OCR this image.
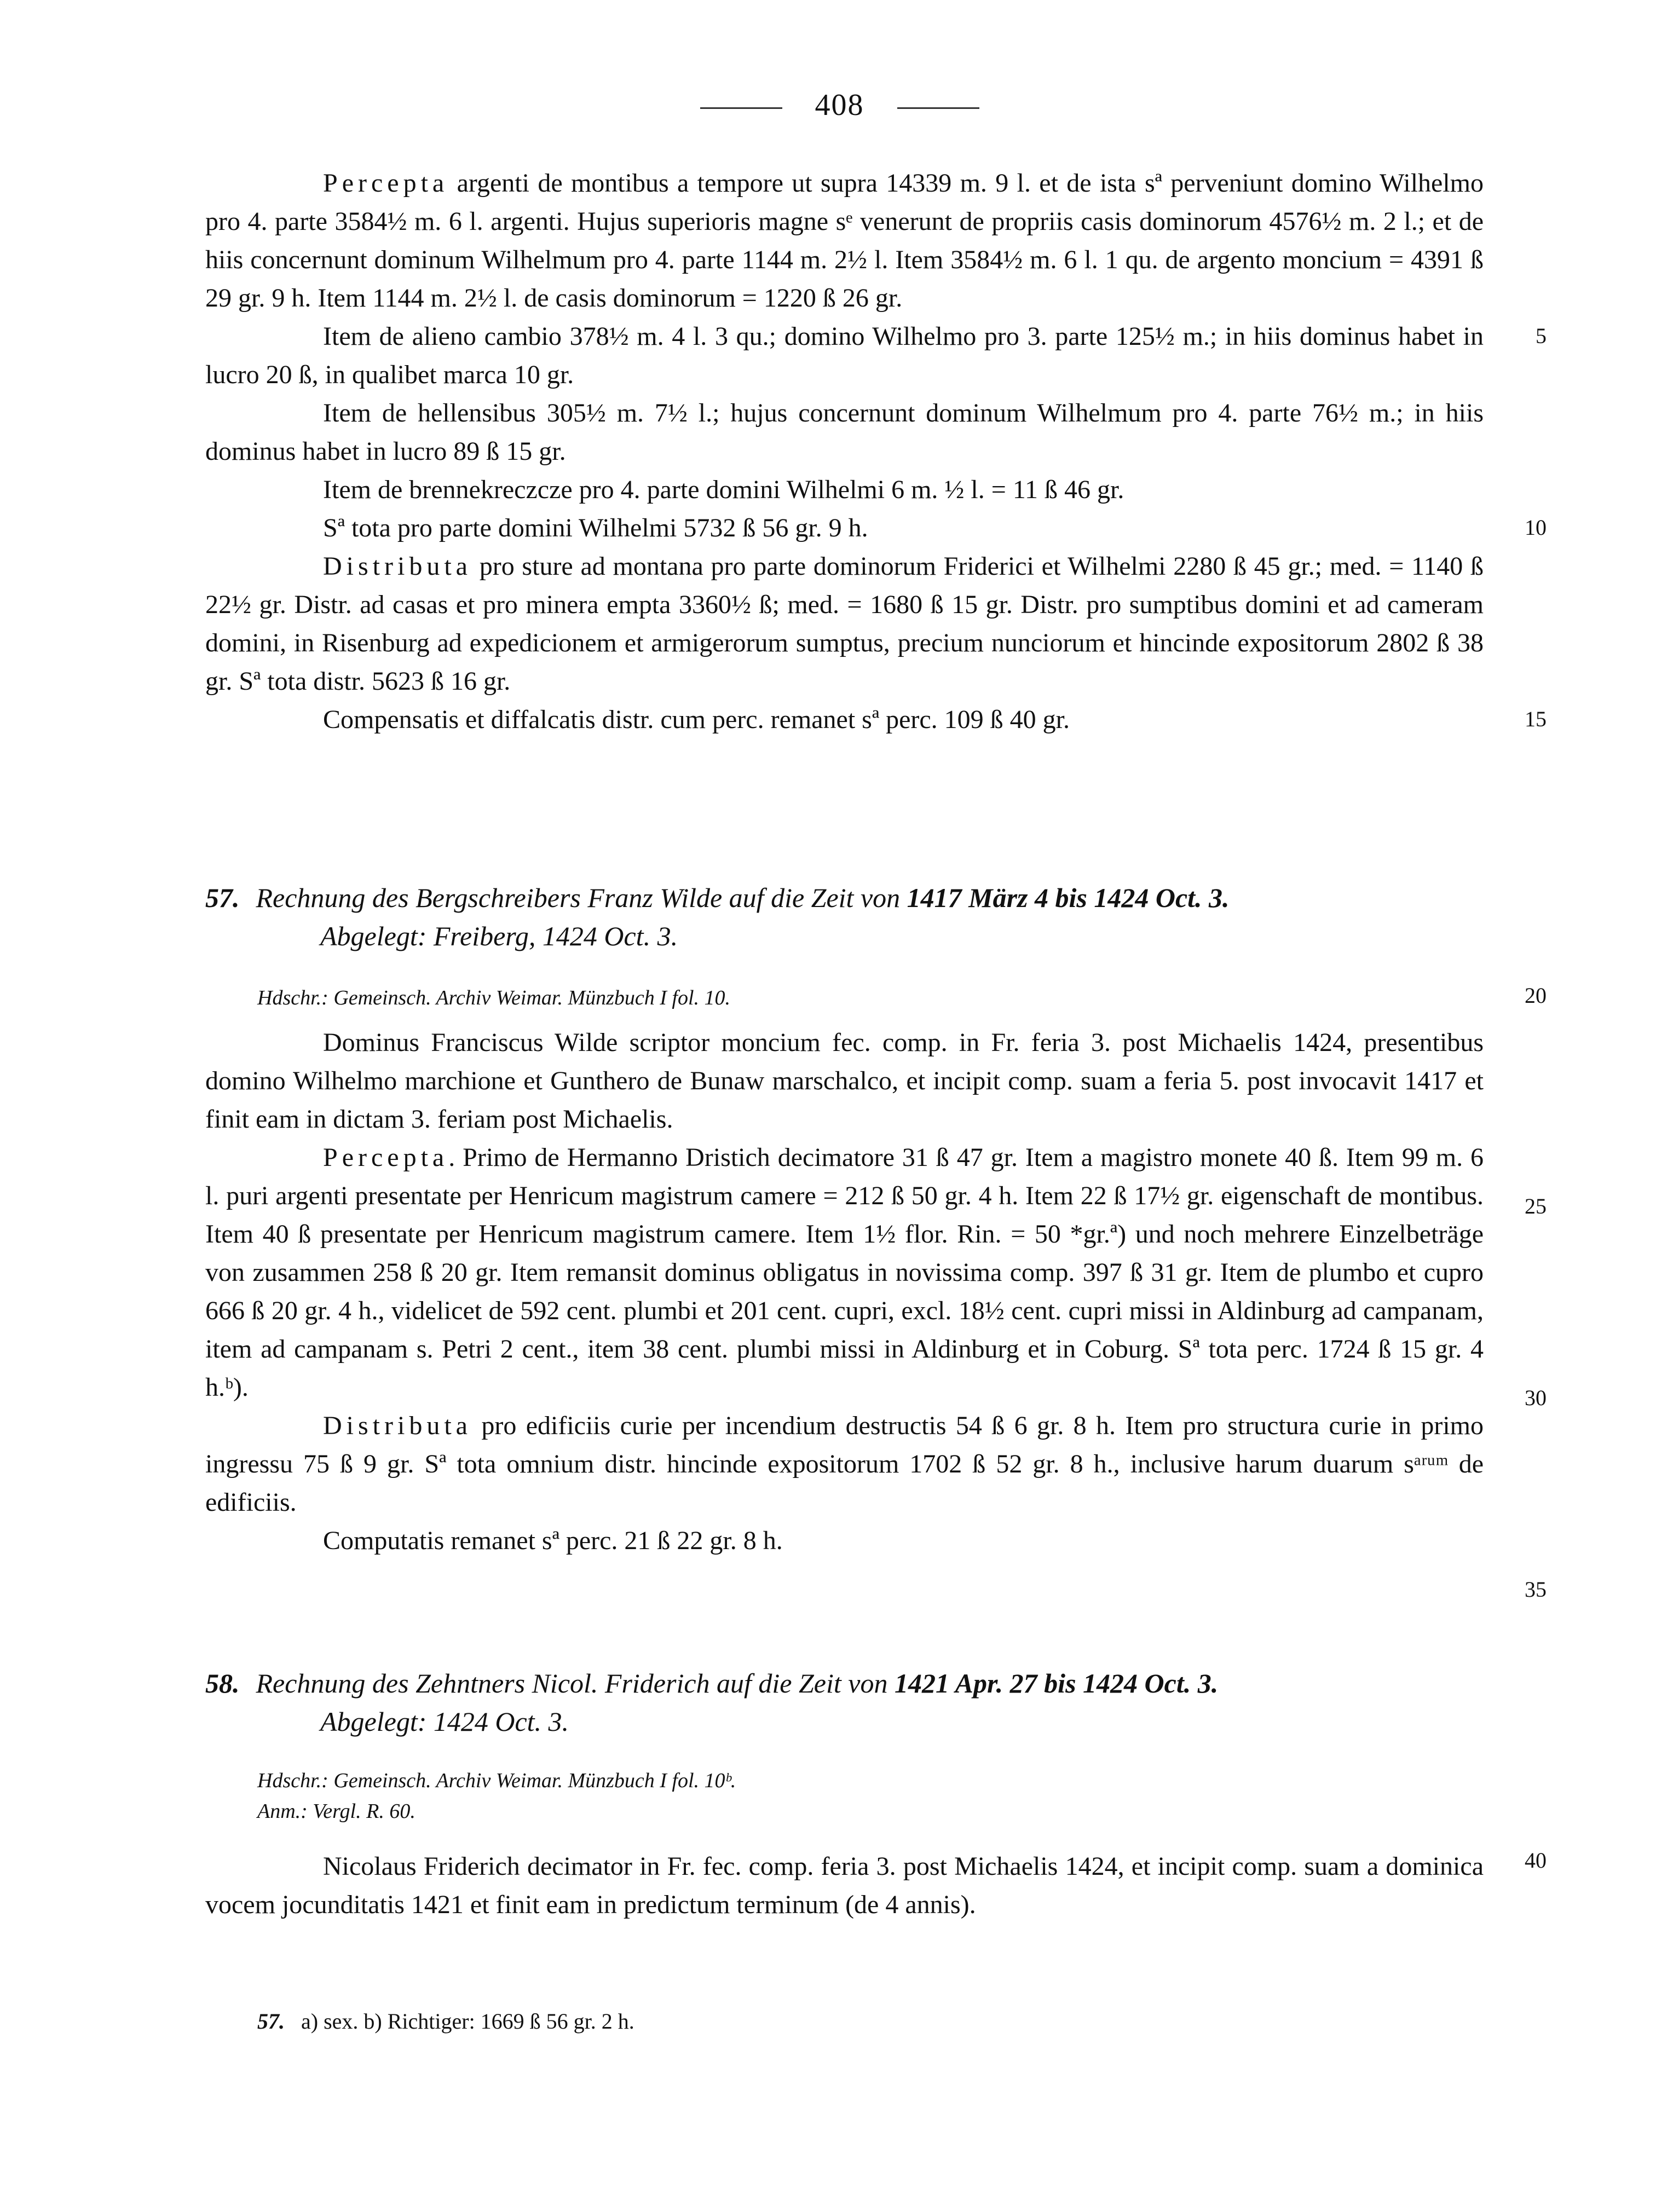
408

Percepta argenti de montibus a tempore ut supra 14339 m. 9 l. et de ista sª perveniunt domino Wilhelmo pro 4. parte 3584½ m. 6 l. argenti. Hujus superioris magne sᵉ venerunt de propriis casis dominorum 4576½ m. 2 l.; et de hiis concernunt dominum Wilhelmum pro 4. parte 1144 m. 2½ l. Item 3584½ m. 6 l. 1 qu. de argento moncium = 4391 ß 29 gr. 9 h. Item 1144 m. 2½ l. de casis dominorum = 1220 ß 26 gr.

Item de alieno cambio 378½ m. 4 l. 3 qu.; domino Wilhelmo pro 3. parte 125½ m.; in hiis dominus habet in lucro 20 ß, in qualibet marca 10 gr.

Item de hellensibus 305½ m. 7½ l.; hujus concernunt dominum Wilhelmum pro 4. parte 76½ m.; in hiis dominus habet in lucro 89 ß 15 gr.

Item de brennekreczcze pro 4. parte domini Wilhelmi 6 m. ½ l. = 11 ß 46 gr.

Sª tota pro parte domini Wilhelmi 5732 ß 56 gr. 9 h.

Distributa pro sture ad montana pro parte dominorum Friderici et Wilhelmi 2280 ß 45 gr.; med. = 1140 ß 22½ gr. Distr. ad casas et pro minera empta 3360½ ß; med. = 1680 ß 15 gr. Distr. pro sumptibus domini et ad cameram domini, in Risenburg ad expedicionem et armigerorum sumptus, precium nunciorum et hincinde expositorum 2802 ß 38 gr. Sª tota distr. 5623 ß 16 gr.

Compensatis et diffalcatis distr. cum perc. remanet sª perc. 109 ß 40 gr.

57. Rechnung des Bergschreibers Franz Wilde auf die Zeit von 1417 März 4 bis 1424 Oct. 3.
Abgelegt: Freiberg, 1424 Oct. 3.
Hdschr.: Gemeinsch. Archiv Weimar. Münzbuch I fol. 10.

Dominus Franciscus Wilde scriptor moncium fec. comp. in Fr. feria 3. post Michaelis 1424, presentibus domino Wilhelmo marchione et Gunthero de Bunaw marschalco, et incipit comp. suam a feria 5. post invocavit 1417 et finit eam in dictam 3. feriam post Michaelis.

Percepta. Primo de Hermanno Dristich decimatore 31 ß 47 gr. Item a magistro monete 40 ß. Item 99 m. 6 l. puri argenti presentate per Henricum magistrum camere = 212 ß 50 gr. 4 h. Item 22 ß 17½ gr. eigenschaft de montibus. Item 40 ß presentate per Henricum magistrum camere. Item 1½ flor. Rin. = 50 *gr.ª) und noch mehrere Einzelbeträge von zusammen 258 ß 20 gr. Item remansit dominus obligatus in novissima comp. 397 ß 31 gr. Item de plumbo et cupro 666 ß 20 gr. 4 h., videlicet de 592 cent. plumbi et 201 cent. cupri, excl. 18½ cent. cupri missi in Aldinburg ad campanam, item ad campanam s. Petri 2 cent., item 38 cent. plumbi missi in Aldinburg et in Coburg. Sª tota perc. 1724 ß 15 gr. 4 h.ᵇ).

Distributa pro edificiis curie per incendium destructis 54 ß 6 gr. 8 h. Item pro structura curie in primo ingressu 75 ß 9 gr. Sª tota omnium distr. hincinde expositorum 1702 ß 52 gr. 8 h., inclusive harum duarum sᵃʳᵘᵐ de edificiis.

Computatis remanet sª perc. 21 ß 22 gr. 8 h.

58. Rechnung des Zehntners Nicol. Friderich auf die Zeit von 1421 Apr. 27 bis 1424 Oct. 3.
Abgelegt: 1424 Oct. 3.
Hdschr.: Gemeinsch. Archiv Weimar. Münzbuch I fol. 10ᵇ.
Anm.: Vergl. R. 60.

Nicolaus Friderich decimator in Fr. fec. comp. feria 3. post Michaelis 1424, et incipit comp. suam a dominica vocem jocunditatis 1421 et finit eam in predictum terminum (de 4 annis).

57. a) sex. b) Richtiger: 1669 ß 56 gr. 2 h.
5
10
15
20
25
30
35
40
